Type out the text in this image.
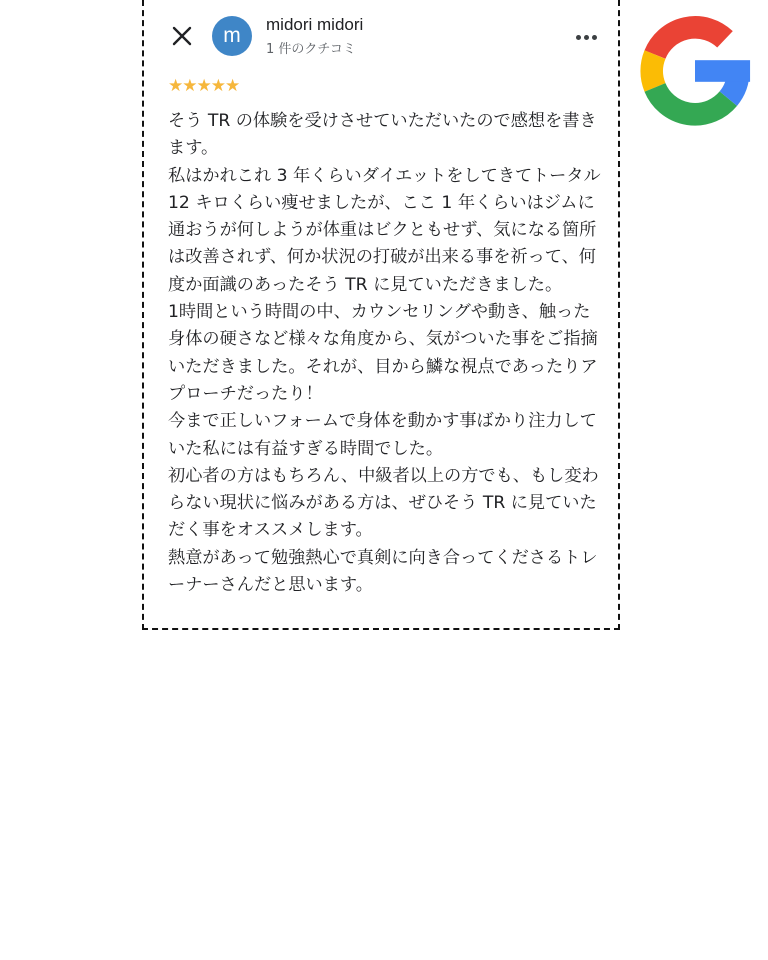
m midori midori
1 件のクチコミ
★★★★★

そう TR の体験を受けさせていただいたので感想を書きます。

私はかれこれ 3 年くらいダイエットをしてきてトータル 12 キロくらい痩せましたが、ここ 1 年くらいはジムに通おうが何しようが体重はビクともせず、気になる箇所は改善されず、何か状況の打破が出来る事を祈って、何度か面識のあったそう TR に見ていただきました。

1時間という時間の中、カウンセリングや動き、触った身体の硬さなど様々な角度から、気がついた事をご指摘いただきました。それが、目から鱗な視点であったりアプローチだったり！

今まで正しいフォームで身体を動かす事ばかり注力していた私には有益すぎる時間でした。

初心者の方はもちろん、中級者以上の方でも、もし変わらない現状に悩みがある方は、ぜひそう TR に見ていただく事をオススメします。

熱意があって勉強熱心で真剣に向き合ってくださるトレーナーさんだと思います。
